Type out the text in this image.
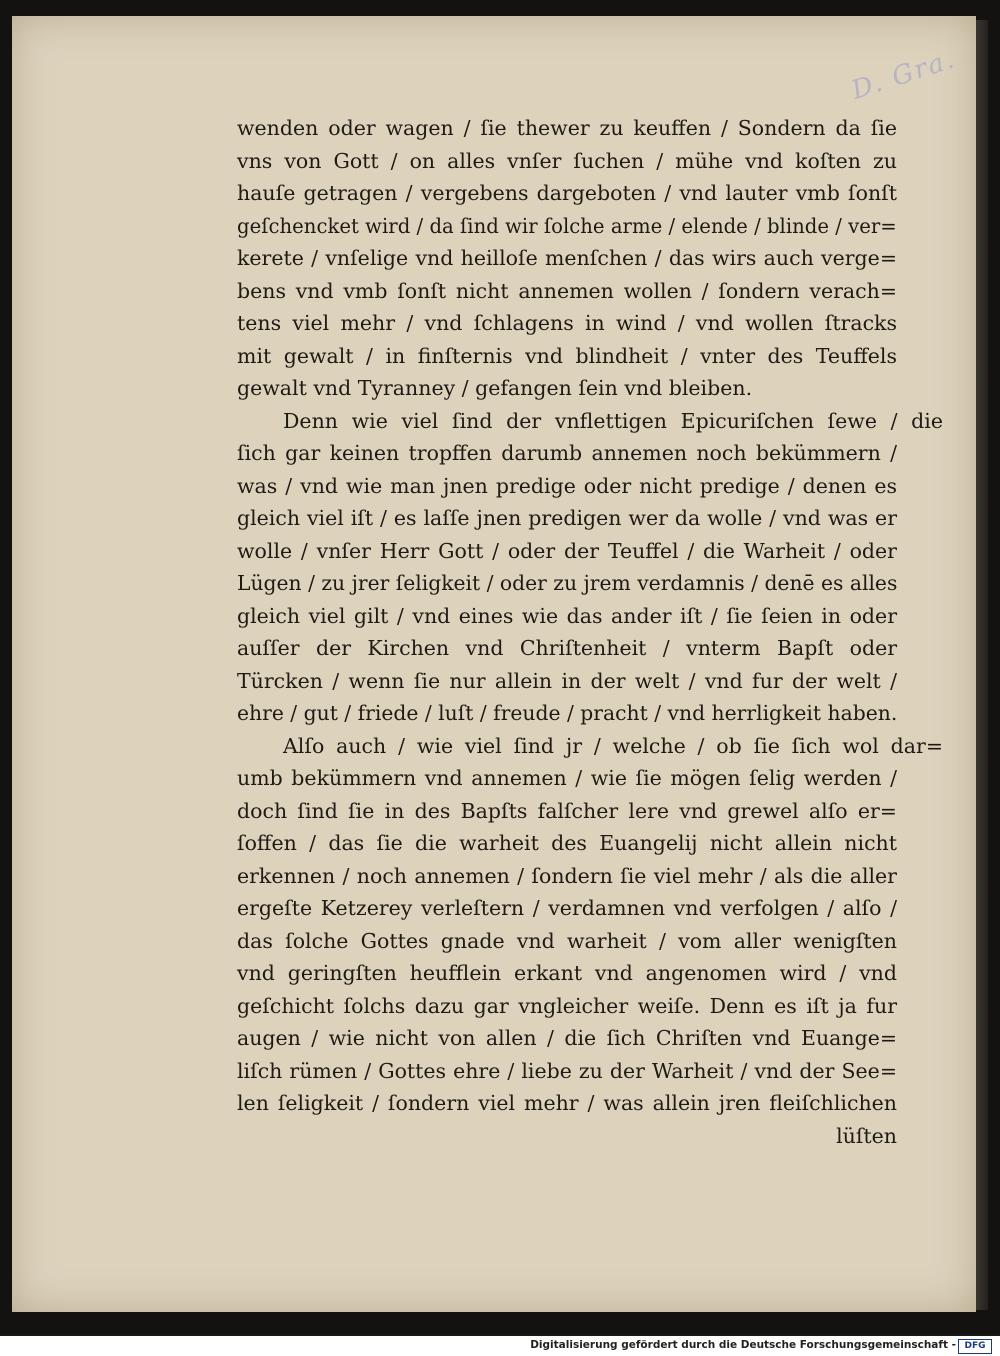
D. Gra.
wenden oder wagen / ſie thewer zu keuffen / Sondern da ſie
vns von Gott / on alles vnſer ſuchen / mühe vnd koſten zu
hauſe getragen / vergebens dargeboten / vnd lauter vmb ſonſt
geſchencket wird / da ſind wir ſolche arme / elende / blinde / ver=
kerete / vnſelige vnd heilloſe menſchen / das wirs auch verge=
bens vnd vmb ſonſt nicht annemen wollen / ſondern verach=
tens viel mehr / vnd ſchlagens in wind / vnd wollen ſtracks
mit gewalt / in finſternis vnd blindheit / vnter des Teuffels
gewalt vnd Tyranney / gefangen ſein vnd bleiben.
Denn wie viel ſind der vnflettigen Epicuriſchen ſewe / die
ſich gar keinen tropffen darumb annemen noch bekümmern /
was / vnd wie man jnen predige oder nicht predige / denen es
gleich viel iſt / es laſſe jnen predigen wer da wolle / vnd was er
wolle / vnſer Herr Gott / oder der Teuffel / die Warheit / oder
Lügen / zu jrer ſeligkeit / oder zu jrem verdamnis / denē es alles
gleich viel gilt / vnd eines wie das ander iſt / ſie ſeien in oder
auſſer der Kirchen vnd Chriſtenheit / vnterm Bapſt oder
Türcken / wenn ſie nur allein in der welt / vnd fur der welt /
ehre / gut / friede / luſt / freude / pracht / vnd herrligkeit haben.
Alſo auch / wie viel ſind jr / welche / ob ſie ſich wol dar=
umb bekümmern vnd annemen / wie ſie mögen ſelig werden /
doch ſind ſie in des Bapſts falſcher lere vnd grewel alſo er=
ſoffen / das ſie die warheit des Euangelij nicht allein nicht
erkennen / noch annemen / ſondern ſie viel mehr / als die aller
ergeſte Ketzerey verleſtern / verdamnen vnd verfolgen / alſo /
das ſolche Gottes gnade vnd warheit / vom aller wenigſten
vnd geringſten heufflein erkant vnd angenomen wird / vnd
geſchicht ſolchs dazu gar vngleicher weiſe. Denn es iſt ja fur
augen / wie nicht von allen / die ſich Chriſten vnd Euange=
liſch rümen / Gottes ehre / liebe zu der Warheit / vnd der See=
len ſeligkeit / ſondern viel mehr / was allein jren fleiſchlichen
lüſten
Digitalisierung gefördert durch die Deutsche Forschungsgemeinschaft - DFG
